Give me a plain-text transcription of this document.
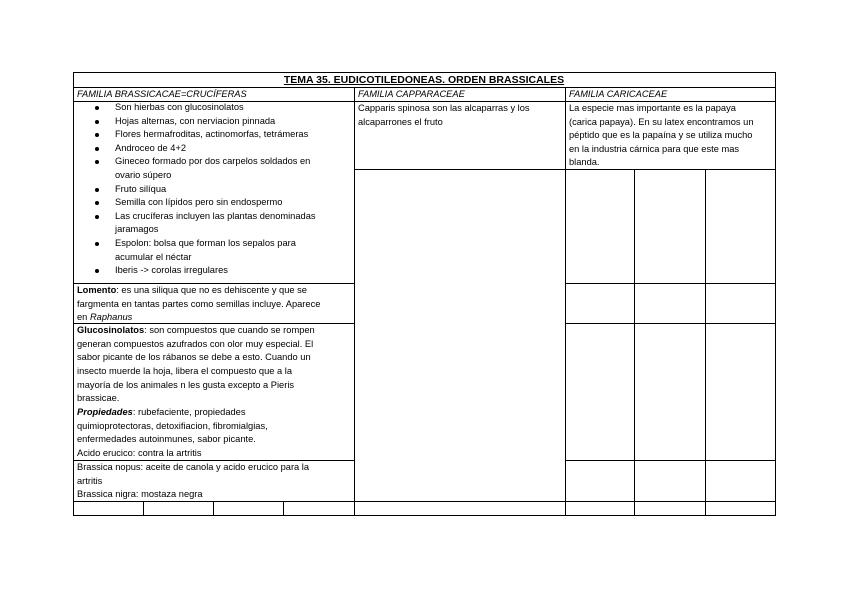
TEMA 35. EUDICOTILEDONEAS. ORDEN BRASSICALES
FAMILIA BRASSICACAE=CRUCÍFERAS	FAMILIA CAPPARACEAE	FAMILIA CARICACEAE
Son hierbas con glucosinolatos
Hojas alternas, con nerviacion pinnada
Flores hermafroditas, actinomorfas, tetrámeras
Androceo de 4+2
Gineceo formado por dos carpelos soldados en
ovario súpero
Fruto silíqua
Semilla con lípidos pero sin endospermo
Las crucíferas incluyen las plantas denominadas
jaramagos
Espolon: bolsa que forman los sepalos para
acumular el néctar
Iberis -> corolas irregulares
Lomento: es una siliqua que no es dehiscente y que se
fargmenta en tantas partes como semillas incluye. Aparece
en Raphanus
Glucosinolatos: son compuestos que cuando se rompen
generan compuestos azufrados con olor muy especial. El
sabor picante de los rábanos se debe a esto. Cuando un
insecto muerde la hoja, libera el compuesto que a la
mayoría de los animales n les gusta excepto a Pieris
brassicae.
Propiedades: rubefaciente, propiedades
quimioprotectoras, detoxifiacion, fibromialgias,
enfermedades autoinmunes, sabor picante.
Acido erucico: contra la artritis
Brassica nopus: aceite de canola y acido erucico para la
artritis
Brassica nigra: mostaza negra
Capparis spinosa son las alcaparras y los
alcaparrones el fruto
La especie mas importante es la papaya
(carica papaya). En su latex encontramos un
péptido que es la papaína y se utiliza mucho
en la industria cárnica para que este mas
blanda.
